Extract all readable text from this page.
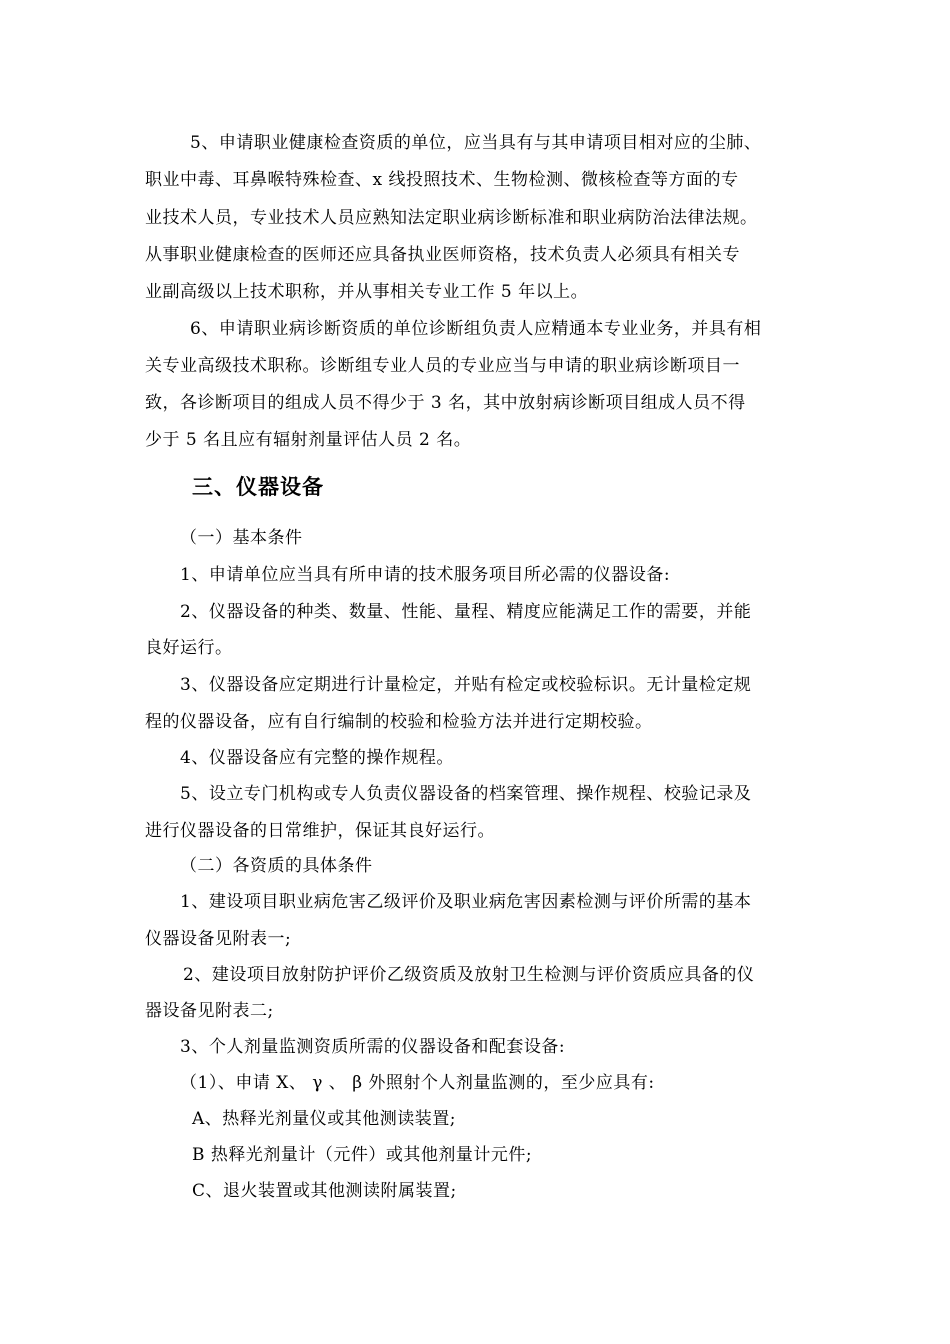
5、申请职业健康检查资质的单位，应当具有与其申请项目相对应的尘肺、
职业中毒、耳鼻喉特殊检查、x 线投照技术、生物检测、微核检查等方面的专
业技术人员，专业技术人员应熟知法定职业病诊断标准和职业病防治法律法规。
从事职业健康检查的医师还应具备执业医师资格，技术负责人必须具有相关专
业副高级以上技术职称，并从事相关专业工作 5 年以上。
6、申请职业病诊断资质的单位诊断组负责人应精通本专业业务，并具有相
关专业高级技术职称。诊断组专业人员的专业应当与申请的职业病诊断项目一
致，各诊断项目的组成人员不得少于 3 名，其中放射病诊断项目组成人员不得
少于 5 名且应有辐射剂量评估人员 2 名。
三、仪器设备
（一）基本条件
1、申请单位应当具有所申请的技术服务项目所必需的仪器设备:
2、仪器设备的种类、数量、性能、量程、精度应能满足工作的需要，并能
良好运行。
3、仪器设备应定期进行计量检定，并贴有检定或校验标识。无计量检定规
程的仪器设备，应有自行编制的校验和检验方法并进行定期校验。
4、仪器设备应有完整的操作规程。
5、设立专门机构或专人负责仪器设备的档案管理、操作规程、校验记录及
进行仪器设备的日常维护，保证其良好运行。
（二）各资质的具体条件
1、建设项目职业病危害乙级评价及职业病危害因素检测与评价所需的基本
仪器设备见附表一;
2、建设项目放射防护评价乙级资质及放射卫生检测与评价资质应具备的仪
器设备见附表二;
3、个人剂量监测资质所需的仪器设备和配套设备:
（1）、申请 X、 γ 、 β 外照射个人剂量监测的，至少应具有:
A、热释光剂量仪或其他测读装置;
B 热释光剂量计（元件）或其他剂量计元件;
C、退火装置或其他测读附属装置;
